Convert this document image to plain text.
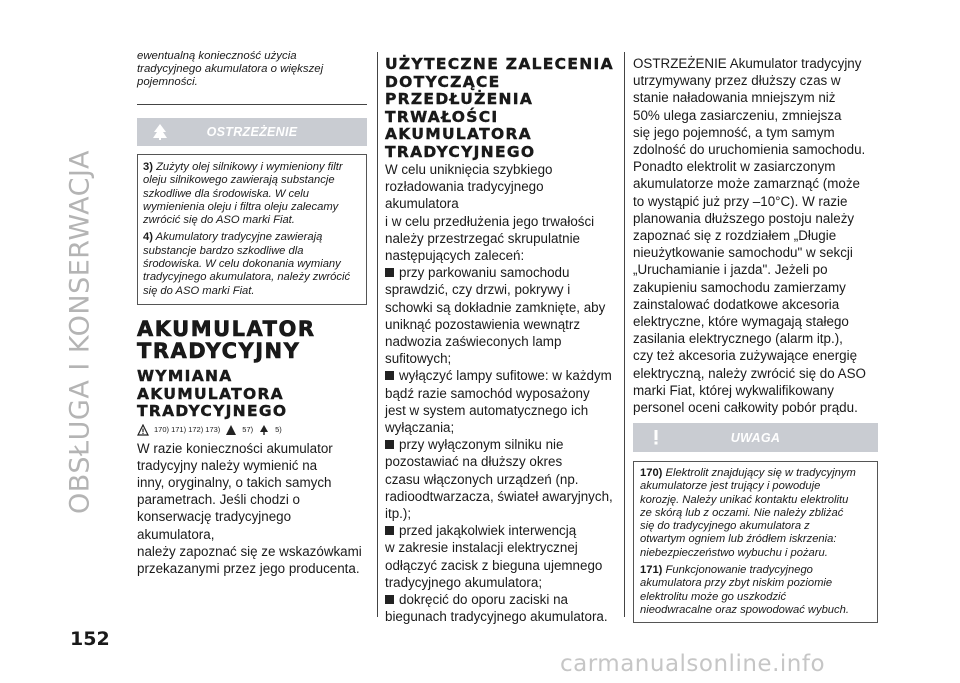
OBSŁUGA I KONSERWACJA
152

ewentualną konieczność użycia

tradycyjnego akumulatora o większej

pojemności.

OSTRZEŻENIE

3) Zużyty olej silnikowy i wymieniony filtr

oleju silnikowego zawierają substancje

szkodliwe dla środowiska. W celu

wymienienia oleju i filtra oleju zalecamy

zwrócić się do ASO marki Fiat.

4) Akumulatory tradycyjne zawierają

substancje bardzo szkodliwe dla

środowiska. W celu dokonania wymiany

tradycyjnego akumulatora, należy zwrócić

się do ASO marki Fiat.

AKUMULATOR

TRADYCYJNY

WYMIANA

AKUMULATORA

TRADYCYJNEGO

170) 171) 172) 173)	57)	5)

W razie konieczności akumulator

tradycyjny należy wymienić na

inny, oryginalny, o takich samych

parametrach. Jeśli chodzi o

konserwację tradycyjnego akumulatora,

należy zapoznać się ze wskazówkami

przekazanymi przez jego producenta.

UŻYTECZNE ZALECENIA

DOTYCZĄCE

PRZEDŁUŻENIA

TRWAŁOŚCI

AKUMULATORA

TRADYCYJNEGO

W celu uniknięcia szybkiego

rozładowania tradycyjnego akumulatora

i w celu przedłużenia jego trwałości

należy przestrzegać skrupulatnie

następujących zaleceń:

przy parkowaniu samochodu

sprawdzić, czy drzwi, pokrywy i

schowki są dokładnie zamknięte, aby

uniknąć pozostawienia wewnątrz

nadwozia zaświeconych lamp

sufitowych;

wyłączyć lampy sufitowe: w każdym

bądź razie samochód wyposażony

jest w system automatycznego ich

wyłączania;

przy wyłączonym silniku nie

pozostawiać na dłuższy okres

czasu włączonych urządzeń (np.

radioodtwarzacza, świateł awaryjnych,

itp.);

przed jakąkolwiek interwencją

w zakresie instalacji elektrycznej

odłączyć zacisk z bieguna ujemnego

tradycyjnego akumulatora;

dokręcić do oporu zaciski na

biegunach tradycyjnego akumulatora.

OSTRZEŻENIE Akumulator tradycyjny

utrzymywany przez dłuższy czas w

stanie naładowania mniejszym niż

50% ulega zasiarczeniu, zmniejsza

się jego pojemność, a tym samym

zdolność do uruchomienia samochodu.

Ponadto elektrolit w zasiarczonym

akumulatorze może zamarznąć (może

to wystąpić już przy –10°C). W razie

planowania dłuższego postoju należy

zapoznać się z rozdziałem „Długie

nieużytkowanie samochodu" w sekcji

„Uruchamianie i jazda". Jeżeli po

zakupieniu samochodu zamierzamy

zainstalować dodatkowe akcesoria

elektryczne, które wymagają stałego

zasilania elektrycznego (alarm itp.),

czy też akcesoria zużywające energię

elektryczną, należy zwrócić się do ASO

marki Fiat, której wykwalifikowany

personel oceni całkowity pobór prądu.

UWAGA

170) Elektrolit znajdujący się w tradycyjnym

akumulatorze jest trujący i powoduje

korozję. Należy unikać kontaktu elektrolitu

ze skórą lub z oczami. Nie należy zbliżać

się do tradycyjnego akumulatora z

otwartym ogniem lub źródłem iskrzenia:

niebezpieczeństwo wybuchu i pożaru.

171) Funkcjonowanie tradycyjnego

akumulatora przy zbyt niskim poziomie

elektrolitu może go uszkodzić

nieodwracalne oraz spowodować wybuch.

carmanualsonline.info
